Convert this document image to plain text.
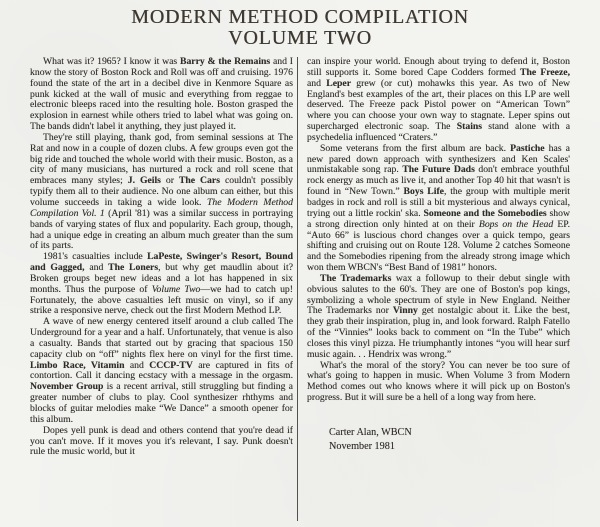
MODERN METHOD COMPILATION
VOLUME TWO

What was it? 1965? I know it was Barry & the Remains and I know the story of Boston Rock and Roll was off and cruising. 1976 found the state of the art in a decibel dive in Kenmore Square as punk kicked at the wall of music and everything from reggae to electronic bleeps raced into the resulting hole. Boston grasped the explosion in earnest while others tried to label what was going on. The bands didn't label it anything, they just played it.

They're still playing, thank god, from seminal sessions at The Rat and now in a couple of dozen clubs. A few groups even got the big ride and touched the whole world with their music. Boston, as a city of many musicians, has nurtured a rock and roll scene that embraces many styles; J. Geils or The Cars couldn't possibly typify them all to their audience. No one album can either, but this volume succeeds in taking a wide look. The Modern Method Compilation Vol. 1 (April '81) was a similar success in portraying bands of varying states of flux and popularity. Each group, though, had a unique edge in creating an album much greater than the sum of its parts.

1981's casualties include LaPeste, Swinger's Resort, Bound and Gagged, and The Loners, but why get maudlin about it? Broken groups beget new ideas and a lot has happened in six months. Thus the purpose of Volume Two—we had to catch up! Fortunately, the above casualties left music on vinyl, so if any strike a responsive nerve, check out the first Modern Method LP.

A wave of new energy centered itself around a club called The Underground for a year and a half. Unfortunately, that venue is also a casualty. Bands that started out by gracing that spacious 150 capacity club on “off” nights flex here on vinyl for the first time. Limbo Race, Vitamin and CCCP-TV are captured in fits of contortion. Call it dancing ecstacy with a message in the orgasm. November Group is a recent arrival, still struggling but finding a greater number of clubs to play. Cool synthesizer rhthyms and blocks of guitar melodies make “We Dance” a smooth opener for this album.

Dopes yell punk is dead and others contend that you're dead if you can't move. If it moves you it's relevant, I say. Punk doesn't rule the music world, but it

can inspire your world. Enough about trying to defend it, Boston still supports it. Some bored Cape Codders formed The Freeze, and Leper grew (or cut) mohawks this year. As two of New England's best examples of the art, their places on this LP are well deserved. The Freeze pack Pistol power on “American Town” where you can choose your own way to stagnate. Leper spins out supercharged electronic soap. The Stains stand alone with a psychedelia influenced “Craters.”

Some veterans from the first album are back. Pastiche has a new pared down approach with synthesizers and Ken Scales' unmistakable song rap. The Future Dads don't embrace youthful rock energy as much as live it, and another Top 40 hit that wasn't is found in “New Town.” Boys Life, the group with multiple merit badges in rock and roll is still a bit mysterious and always cynical, trying out a little rockin' ska. Someone and the Somebodies show a strong direction only hinted at on their Bops on the Head EP. “Auto 66” is luscious chord changes over a quick tempo, gears shifting and cruising out on Route 128. Volume 2 catches Someone and the Somebodies ripening from the already strong image which won them WBCN's “Best Band of 1981” honors.

The Trademarks wax a followup to their debut single with obvious salutes to the 60's. They are one of Boston's pop kings, symbolizing a whole spectrum of style in New England. Neither The Trademarks nor Vinny get nostalgic about it. Like the best, they grab their inspiration, plug in, and look forward. Ralph Fatello of the “Vinnies” looks back to comment on “In the Tube” which closes this vinyl pizza. He triumphantly intones “you will hear surf music again. . . Hendrix was wrong.”

What's the moral of the story? You can never be too sure of what's going to happen in music. When Volume 3 from Modern Method comes out who knows where it will pick up on Boston's progress. But it will sure be a hell of a long way from here.

Carter Alan, WBCN
November 1981
